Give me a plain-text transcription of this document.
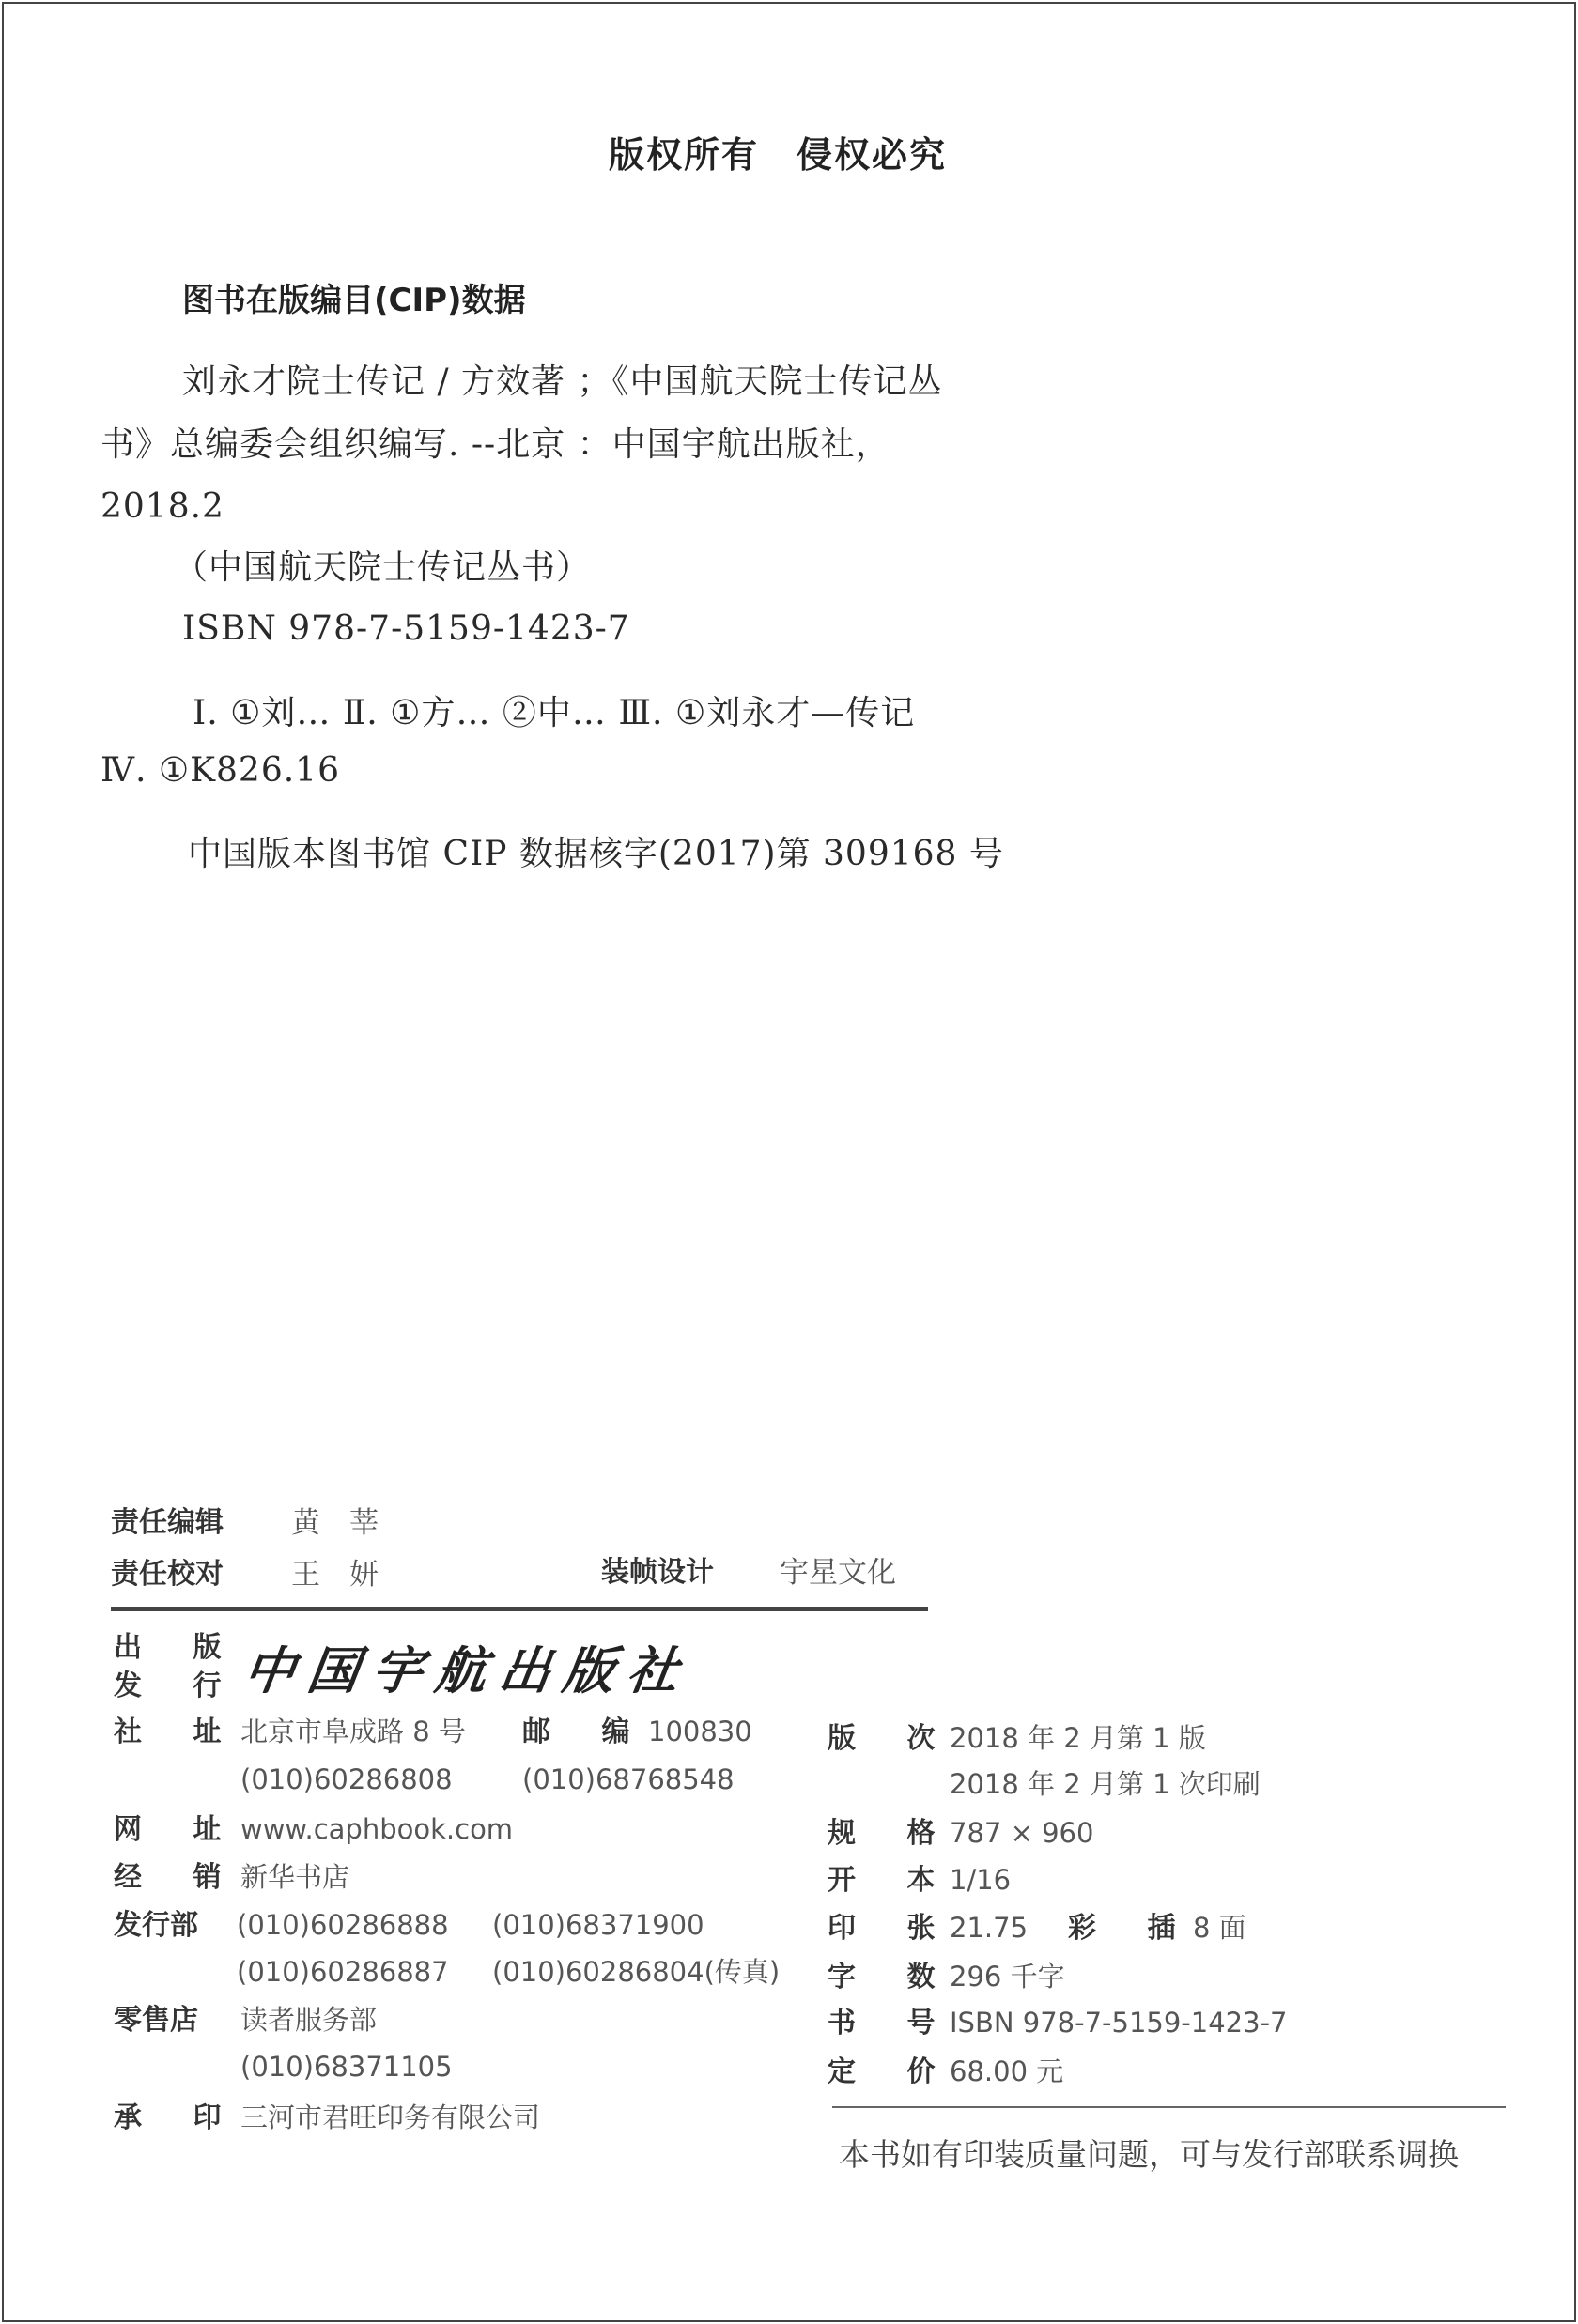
版权所有　侵权必究
图书在版编目(CIP)数据
刘永才院士传记 / 方效著 ；《中国航天院士传记丛
书》总编委会组织编写. --北京 ：中国宇航出版社，
2018.2
（中国航天院士传记丛书）
ISBN 978-7-5159-1423-7
Ⅰ. ①刘… Ⅱ. ①方… ②中… Ⅲ. ①刘永才—传记
Ⅳ. ①K826.16
中国版本图书馆 CIP 数据核字(2017)第 309168 号
责任编辑 黄　莘
责任校对 王　妍	装帧设计 宇星文化
出 版
发 行
中国宇航出版社
社 址
北京市阜成路 8 号 邮 编
100830
(010)60286808	(010)68768548
网 址
www.caphbook.com
经 销
新华书店
发行部 (010)60286888 (010)68371900
(010)60286887 (010)60286804(传真)
零售店 读者服务部
(010)68371105
承 印
三河市君旺印务有限公司
版 次
2018 年 2 月第 1 版
2018 年 2 月第 1 次印刷
规 格
787 × 960
开 本
1/16
印 张
21.75 彩 插
8 面
字 数
296 千字
书 号
ISBN 978-7-5159-1423-7
定 价
68.00 元
本书如有印装质量问题，可与发行部联系调换
